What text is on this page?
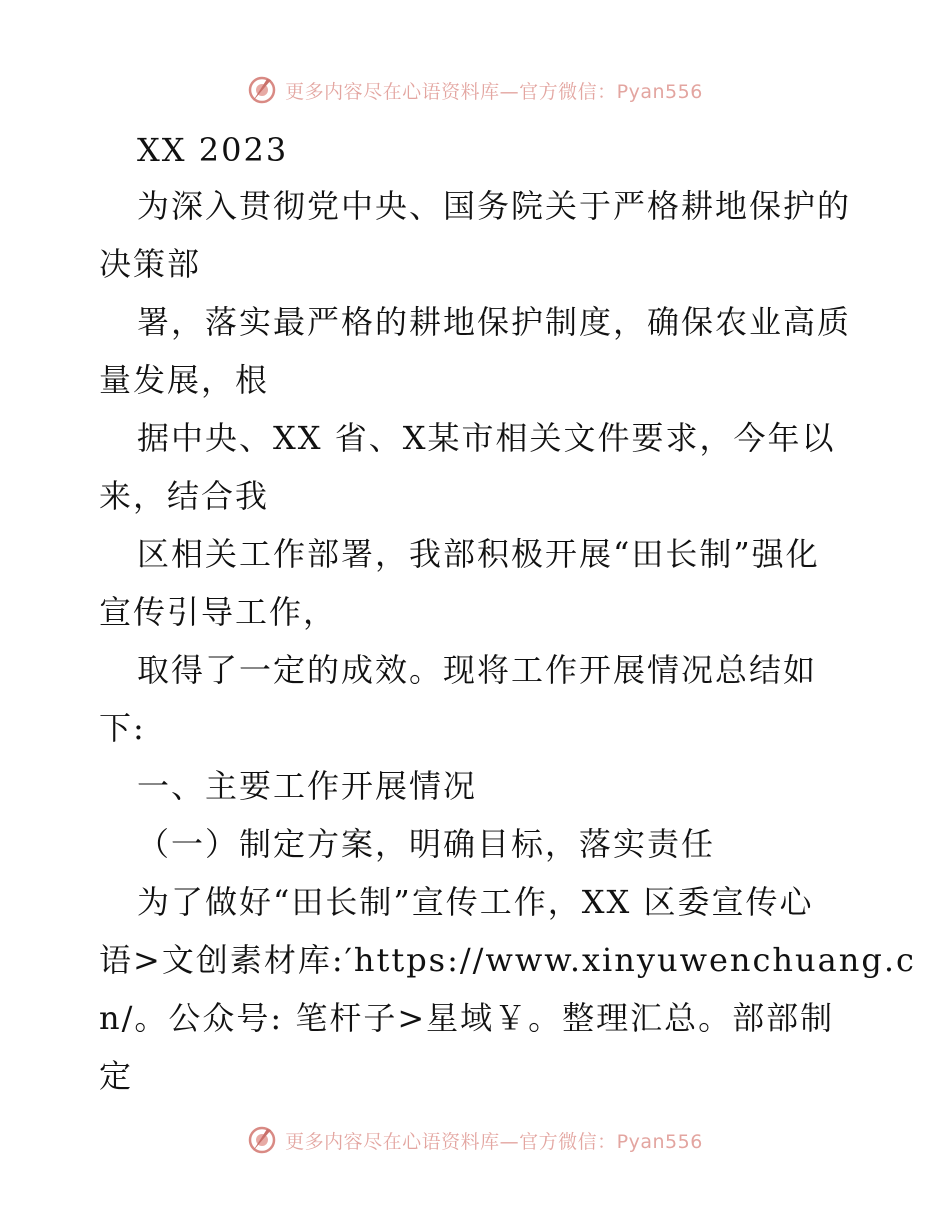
更多内容尽在心语资料库—官方微信：Pyan556
XX 2023
为深入贯彻党中央、国务院关于严格耕地保护的
决策部
署，落实最严格的耕地保护制度，确保农业高质
量发展，根
据中央、XX 省、X某市相关文件要求，今年以
来，结合我
区相关工作部署，我部积极开展“田长制”强化
宣传引导工作，
取得了一定的成效。现将工作开展情况总结如
下:
一、主要工作开展情况
（一）制定方案，明确目标，落实责任
为了做好“田长制”宣传工作，XX 区委宣传心
语>文创素材库:′https://www.xinyuwenchuang.c
n/。公众号: 笔杆子>星域￥。整理汇总。部部制
定
更多内容尽在心语资料库—官方微信：Pyan556
